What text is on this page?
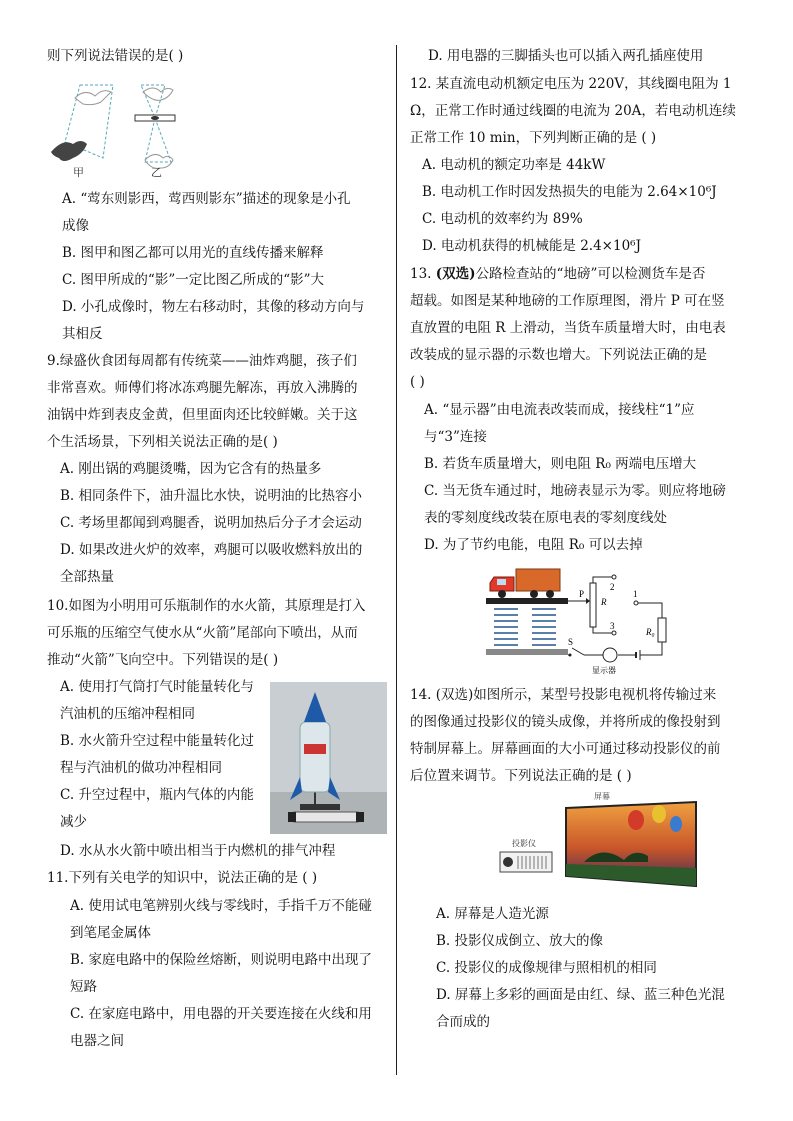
则下列说法错误的是( )
甲	乙
A. “莺东则影西，莺西则影东”描述的现象是小孔
成像
B. 图甲和图乙都可以用光的直线传播来解释
C. 图甲所成的“影”一定比图乙所成的“影”大
D. 小孔成像时，物左右移动时，其像的移动方向与
其相反
9.绿盛伙食团每周都有传统菜——油炸鸡腿，孩子们
非常喜欢。师傅们将冰冻鸡腿先解冻，再放入沸腾的
油锅中炸到表皮金黄，但里面肉还比较鲜嫩。关于这
个生活场景，下列相关说法正确的是( )
A. 刚出锅的鸡腿烫嘴，因为它含有的热量多
B. 相同条件下，油升温比水快，说明油的比热容小
C. 考场里都闻到鸡腿香，说明加热后分子才会运动
D. 如果改进火炉的效率，鸡腿可以吸收燃料放出的
全部热量
10.如图为小明用可乐瓶制作的水火箭，其原理是打入
可乐瓶的压缩空气使水从“火箭”尾部向下喷出，从而
推动“火箭”飞向空中。下列错误的是( )
A. 使用打气筒打气时能量转化与
汽油机的压缩冲程相同
B. 水火箭升空过程中能量转化过
程与汽油机的做功冲程相同
C. 升空过程中，瓶内气体的内能
减少
D. 水从水火箭中喷出相当于内燃机的排气冲程
11.下列有关电学的知识中，说法正确的是 ( )
A. 使用试电笔辨别火线与零线时，手指千万不能碰
到笔尾金属体
B. 家庭电路中的保险丝熔断，则说明电路中出现了
短路
C. 在家庭电路中，用电器的开关要连接在火线和用
电器之间
D. 用电器的三脚插头也可以插入两孔插座使用
12. 某直流电动机额定电压为 220V，其线圈电阻为 1
Ω，正常工作时通过线圈的电流为 20A，若电动机连续
正常工作 10 min，下列判断正确的是 ( )
A. 电动机的额定功率是 44kW
B. 电动机工作时因发热损失的电能为 2.64×10⁶J
C. 电动机的效率约为 89%
D. 电动机获得的机械能是 2.4×10⁶J
13. (双选)公路检查站的“地磅”可以检测货车是否
超载。如图是某种地磅的工作原理图，滑片 P 可在竖
直放置的电阻 R 上滑动，当货车质量增大时，由电表
改装成的显示器的示数也增大。下列说法正确的是
( )
A. “显示器”由电流表改装而成，接线柱“1”应
与“3”连接
B. 若货车质量增大，则电阻 R₀ 两端电压增大
C. 当无货车通过时，地磅表显示为零。则应将地磅
表的零刻度线改装在原电表的零刻度线处
D. 为了节约电能，电阻 R₀ 可以去掉
P
R
2
3
1
R₀
显示器
S
14. (双选)如图所示，某型号投影电视机将传输过来
的图像通过投影仪的镜头成像，并将所成的像投射到
特制屏幕上。屏幕画面的大小可通过移动投影仪的前
后位置来调节。下列说法正确的是 ( )
屏幕
投影仪
A. 屏幕是人造光源
B. 投影仪成倒立、放大的像
C. 投影仪的成像规律与照相机的相同
D. 屏幕上多彩的画面是由红、绿、蓝三种色光混
合而成的
